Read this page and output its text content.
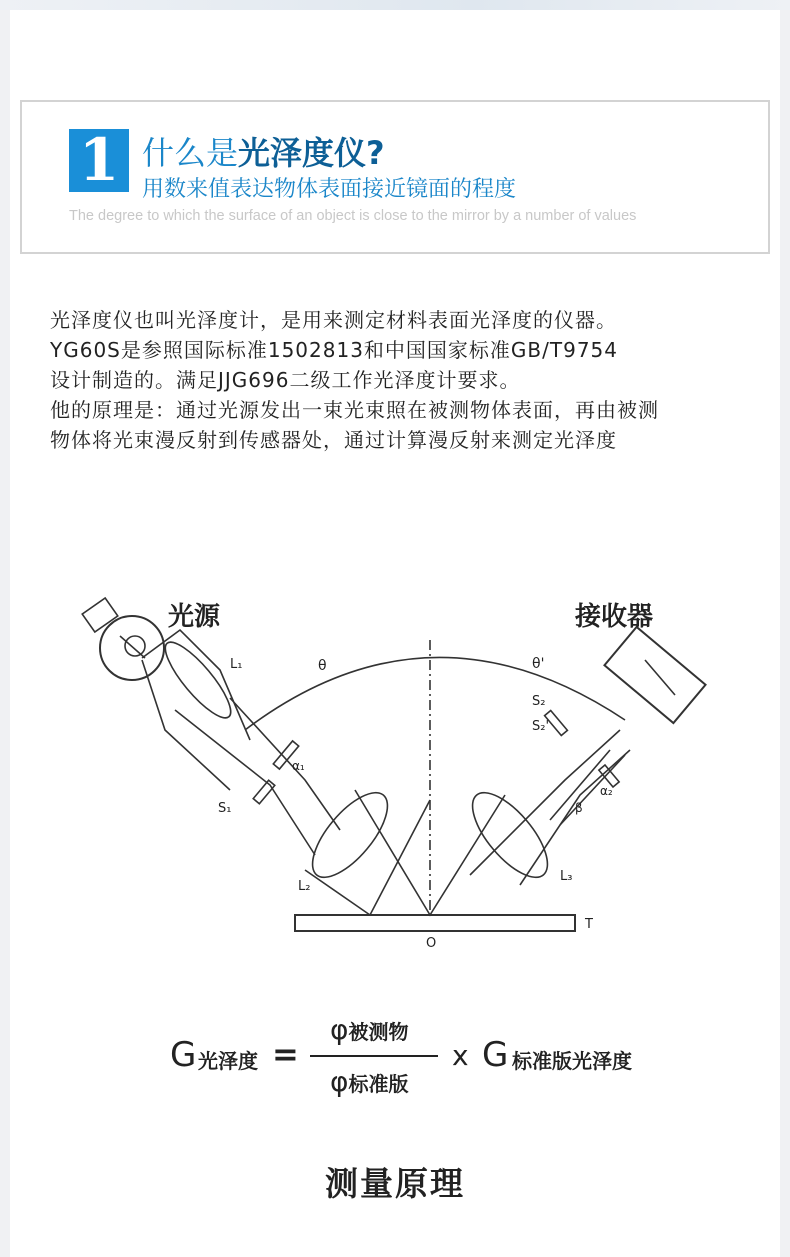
1 什么是光泽度仪?
用数来值表达物体表面接近镜面的程度
The degree to which the surface of an object is close to the mirror by a number of values

光泽度仪也叫光泽度计，是用来测定材料表面光泽度的仪器。

YG60S是参照国际标准1502813和中国国家标准GB/T9754

设计制造的。满足JJG696二级工作光泽度计要求。

他的原理是：通过光源发出一束光束照在被测物体表面，再由被测

物体将光束漫反射到传感器处，通过计算漫反射来测定光泽度

光源	接收器
L₁
L₂
L₃
S₁
S₂
S₂'
θ	θ'
α₁
α₂
β
T
O
G 光泽度 =
φ被测物
φ标准版
x G 标准版光泽度
测量原理
